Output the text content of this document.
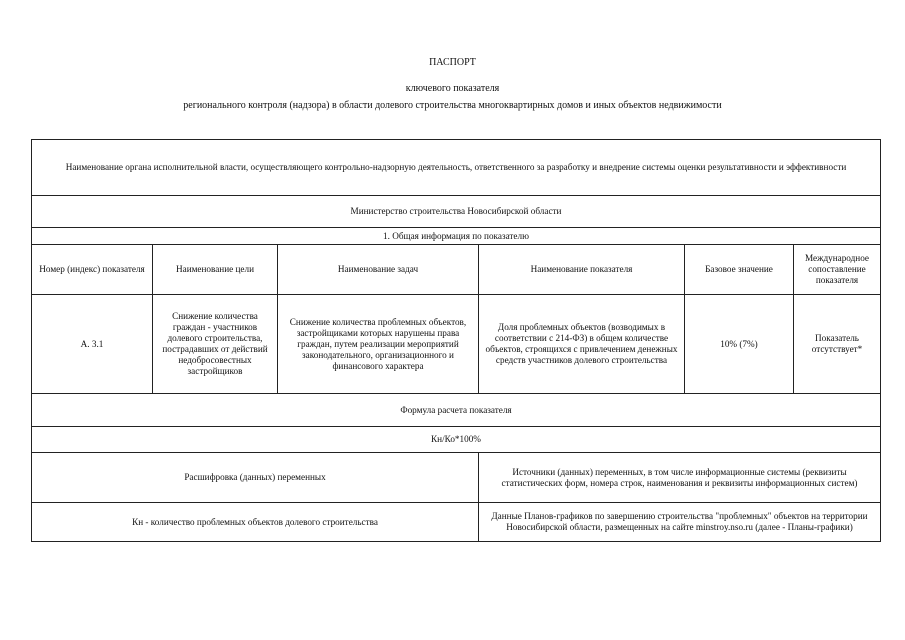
ПАСПОРТ
ключевого показателя
регионального контроля (надзора) в области долевого строительства многоквартирных домов и иных объектов недвижимости
Наименование органа исполнительной власти, осуществляющего контрольно-надзорную деятельность, ответственного за разработку и внедрение системы оценки результативности и эффективности					
Министерство строительства Новосибирской области					
1. Общая информация по показателю					
Номер (индекс) показателя	Наименование цели	Наименование задач	Наименование показателя	Базовое значение	Международное сопоставление показателя
А. 3.1	Снижение количества граждан - участников долевого строительства, пострадавших от действий недобросовестных застройщиков	Снижение количества проблемных объектов, застройщиками которых нарушены права граждан, путем реализации мероприятий законодательного, организационного и финансового характера	Доля проблемных объектов (возводимых в соответствии с 214-ФЗ) в общем количестве объектов, строящихся с привлечением денежных средств участников долевого строительства	10% (7%)	Показатель отсутствует*
Формула расчета показателя					
Кн/Ко*100%					
Расшифровка (данных) переменных			Источники (данных) переменных, в том числе информационные системы (реквизиты статистических форм, номера строк, наименования и реквизиты информационных систем)		
Кн - количество проблемных объектов долевого строительства			Данные Планов-графиков по завершению строительства "проблемных" объектов на территории Новосибирской области, размещенных на сайте minstroy.nso.ru (далее - Планы-графики)		
